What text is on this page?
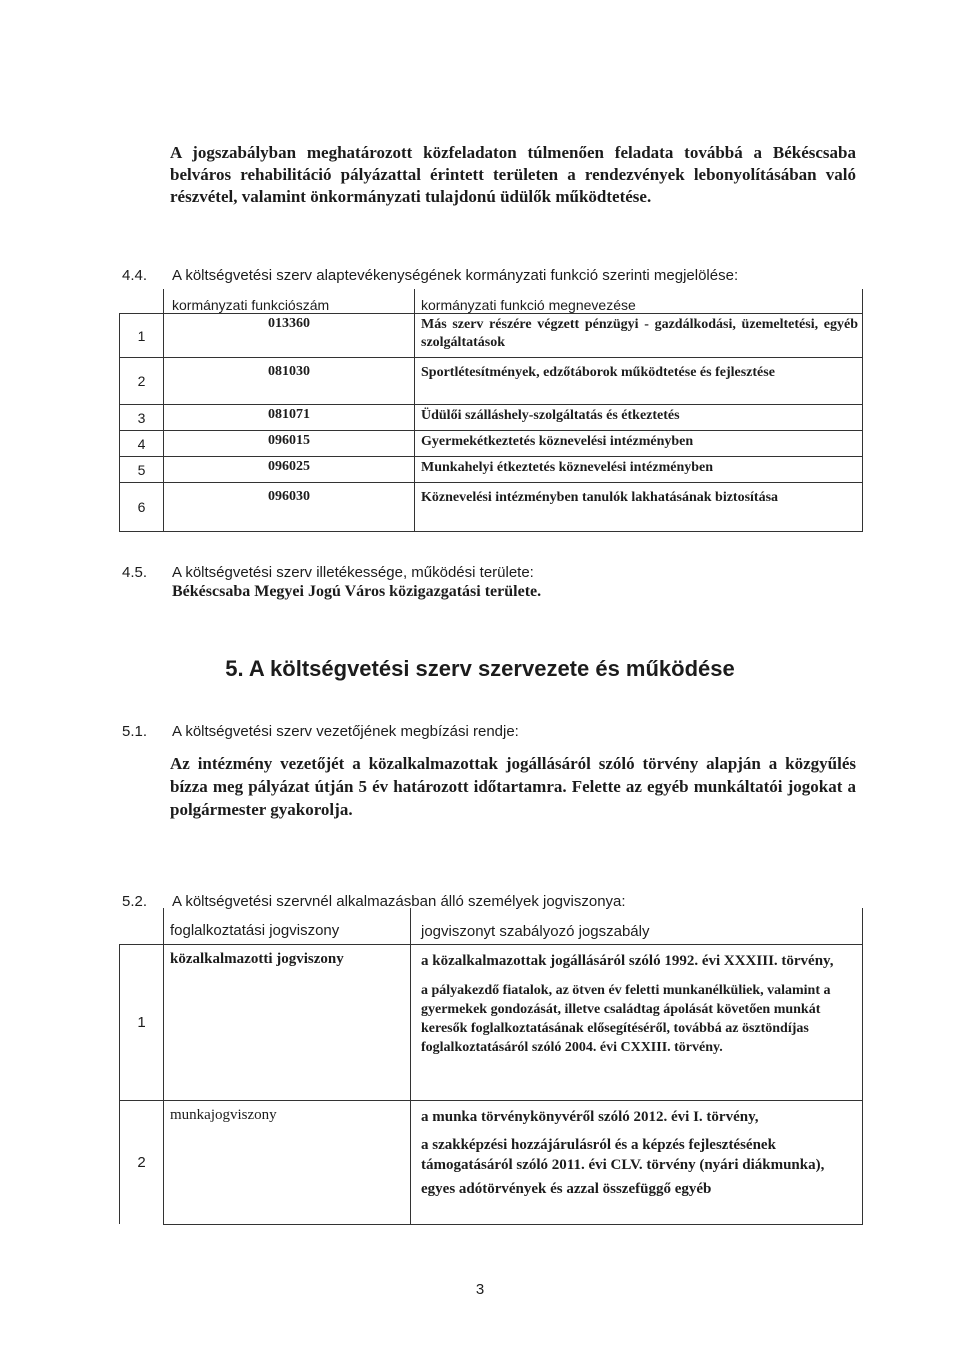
A jogszabályban meghatározott közfeladaton túlmenően feladata továbbá a Békéscsaba belváros rehabilitáció pályázattal érintett területen a rendezvények lebonyolításában való részvétel, valamint önkormányzati tulajdonú üdülők működtetése.
4.4. A költségvetési szerv alaptevékenységének kormányzati funkció szerinti megjelölése:
	kormányzati funkciószám	kormányzati funkció megnevezése
1	013360	Más szerv részére végzett pénzügyi - gazdálkodási, üzemeltetési, egyéb szolgáltatások
2	081030	Sportlétesítmények, edzőtáborok működtetése és fejlesztése
3	081071	Üdülői szálláshely-szolgáltatás és étkeztetés
4	096015	Gyermekétkeztetés köznevelési intézményben
5	096025	Munkahelyi étkeztetés köznevelési intézményben
6	096030	Köznevelési intézményben tanulók lakhatásának biztosítása
4.5. A költségvetési szerv illetékessége, működési területe:
Békéscsaba Megyei Jogú Város közigazgatási területe.
5. A költségvetési szerv szervezete és működése
5.1. A költségvetési szerv vezetőjének megbízási rendje:
Az intézmény vezetőjét a közalkalmazottak jogállásáról szóló törvény alapján a közgyűlés bízza meg pályázat útján 5 év határozott időtartamra. Felette az egyéb munkáltatói jogokat a polgármester gyakorolja.
5.2. A költségvetési szervnél alkalmazásban álló személyek jogviszonya:
	foglalkoztatási jogviszony	jogviszonyt szabályozó jogszabály
1	közalkalmazotti jogviszony	a közalkalmazottak jogállásáról szóló 1992. évi XXXIII. törvény,
a pályakezdő fiatalok, az ötven év feletti munkanélküliek, valamint a gyermekek gondozását, illetve családtag ápolását követően munkát keresők foglalkoztatásának elősegítéséről, továbbá az ösztöndíjas foglalkoztatásáról szóló 2004. évi CXXIII. törvény.

2	munkajogviszony	a munka törvénykönyvéről szóló 2012. évi I. törvény,
a szakképzési hozzájárulásról és a képzés fejlesztésének támogatásáról szóló 2011. évi CLV. törvény (nyári diákmunka),
egyes adótörvények és azzal összefüggő egyéb
3
